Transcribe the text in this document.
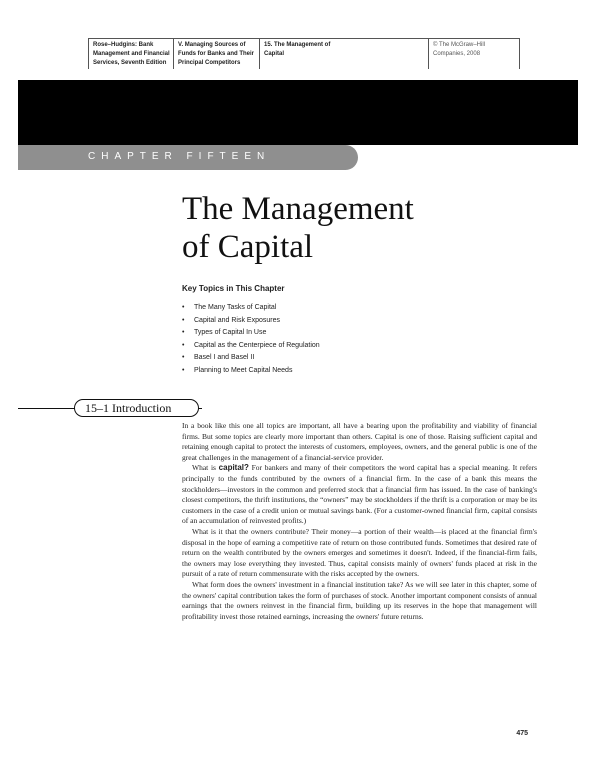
Rose–Hudgins: Bank Management and Financial Services, Seventh Edition
V. Managing Sources of Funds for Banks and Their Principal Competitors
15. The Management of Capital
© The McGraw–Hill Companies, 2008
CHAPTER FIFTEEN
The Management
of Capital
Key Topics in This Chapter
• The Many Tasks of Capital
• Capital and Risk Exposures
• Types of Capital In Use
• Capital as the Centerpiece of Regulation
• Basel I and Basel II
• Planning to Meet Capital Needs
15–1 Introduction

In a book like this one all topics are important, all have a bearing upon the profitability and viability of financial firms. But some topics are clearly more important than others. Capital is one of those. Raising sufficient capital and retaining enough capital to protect the interests of customers, employees, owners, and the general public is one of the great challenges in the management of a financial-service provider.

What is capital? For bankers and many of their competitors the word capital has a special meaning. It refers principally to the funds contributed by the owners of a financial firm. In the case of a bank this means the stockholders—investors in the common and preferred stock that a financial firm has issued. In the case of banking's closest competitors, the thrift institutions, the “owners” may be stockholders if the thrift is a corporation or may be its customers in the case of a credit union or mutual savings bank. (For a customer-owned financial firm, capital consists of an accumulation of reinvested profits.)

What is it that the owners contribute? Their money—a portion of their wealth—is placed at the financial firm's disposal in the hope of earning a competitive rate of return on those contributed funds. Sometimes that desired rate of return on the wealth contributed by the owners emerges and sometimes it doesn't. Indeed, if the financial-firm fails, the owners may lose everything they invested. Thus, capital consists mainly of owners' funds placed at risk in the pursuit of a rate of return commensurate with the risks accepted by the owners.

What form does the owners' investment in a financial institution take? As we will see later in this chapter, some of the owners' capital contribution takes the form of purchases of stock. Another important component consists of annual earnings that the owners reinvest in the financial firm, building up its reserves in the hope that management will profitability invest those retained earnings, increasing the owners' future returns.

475
